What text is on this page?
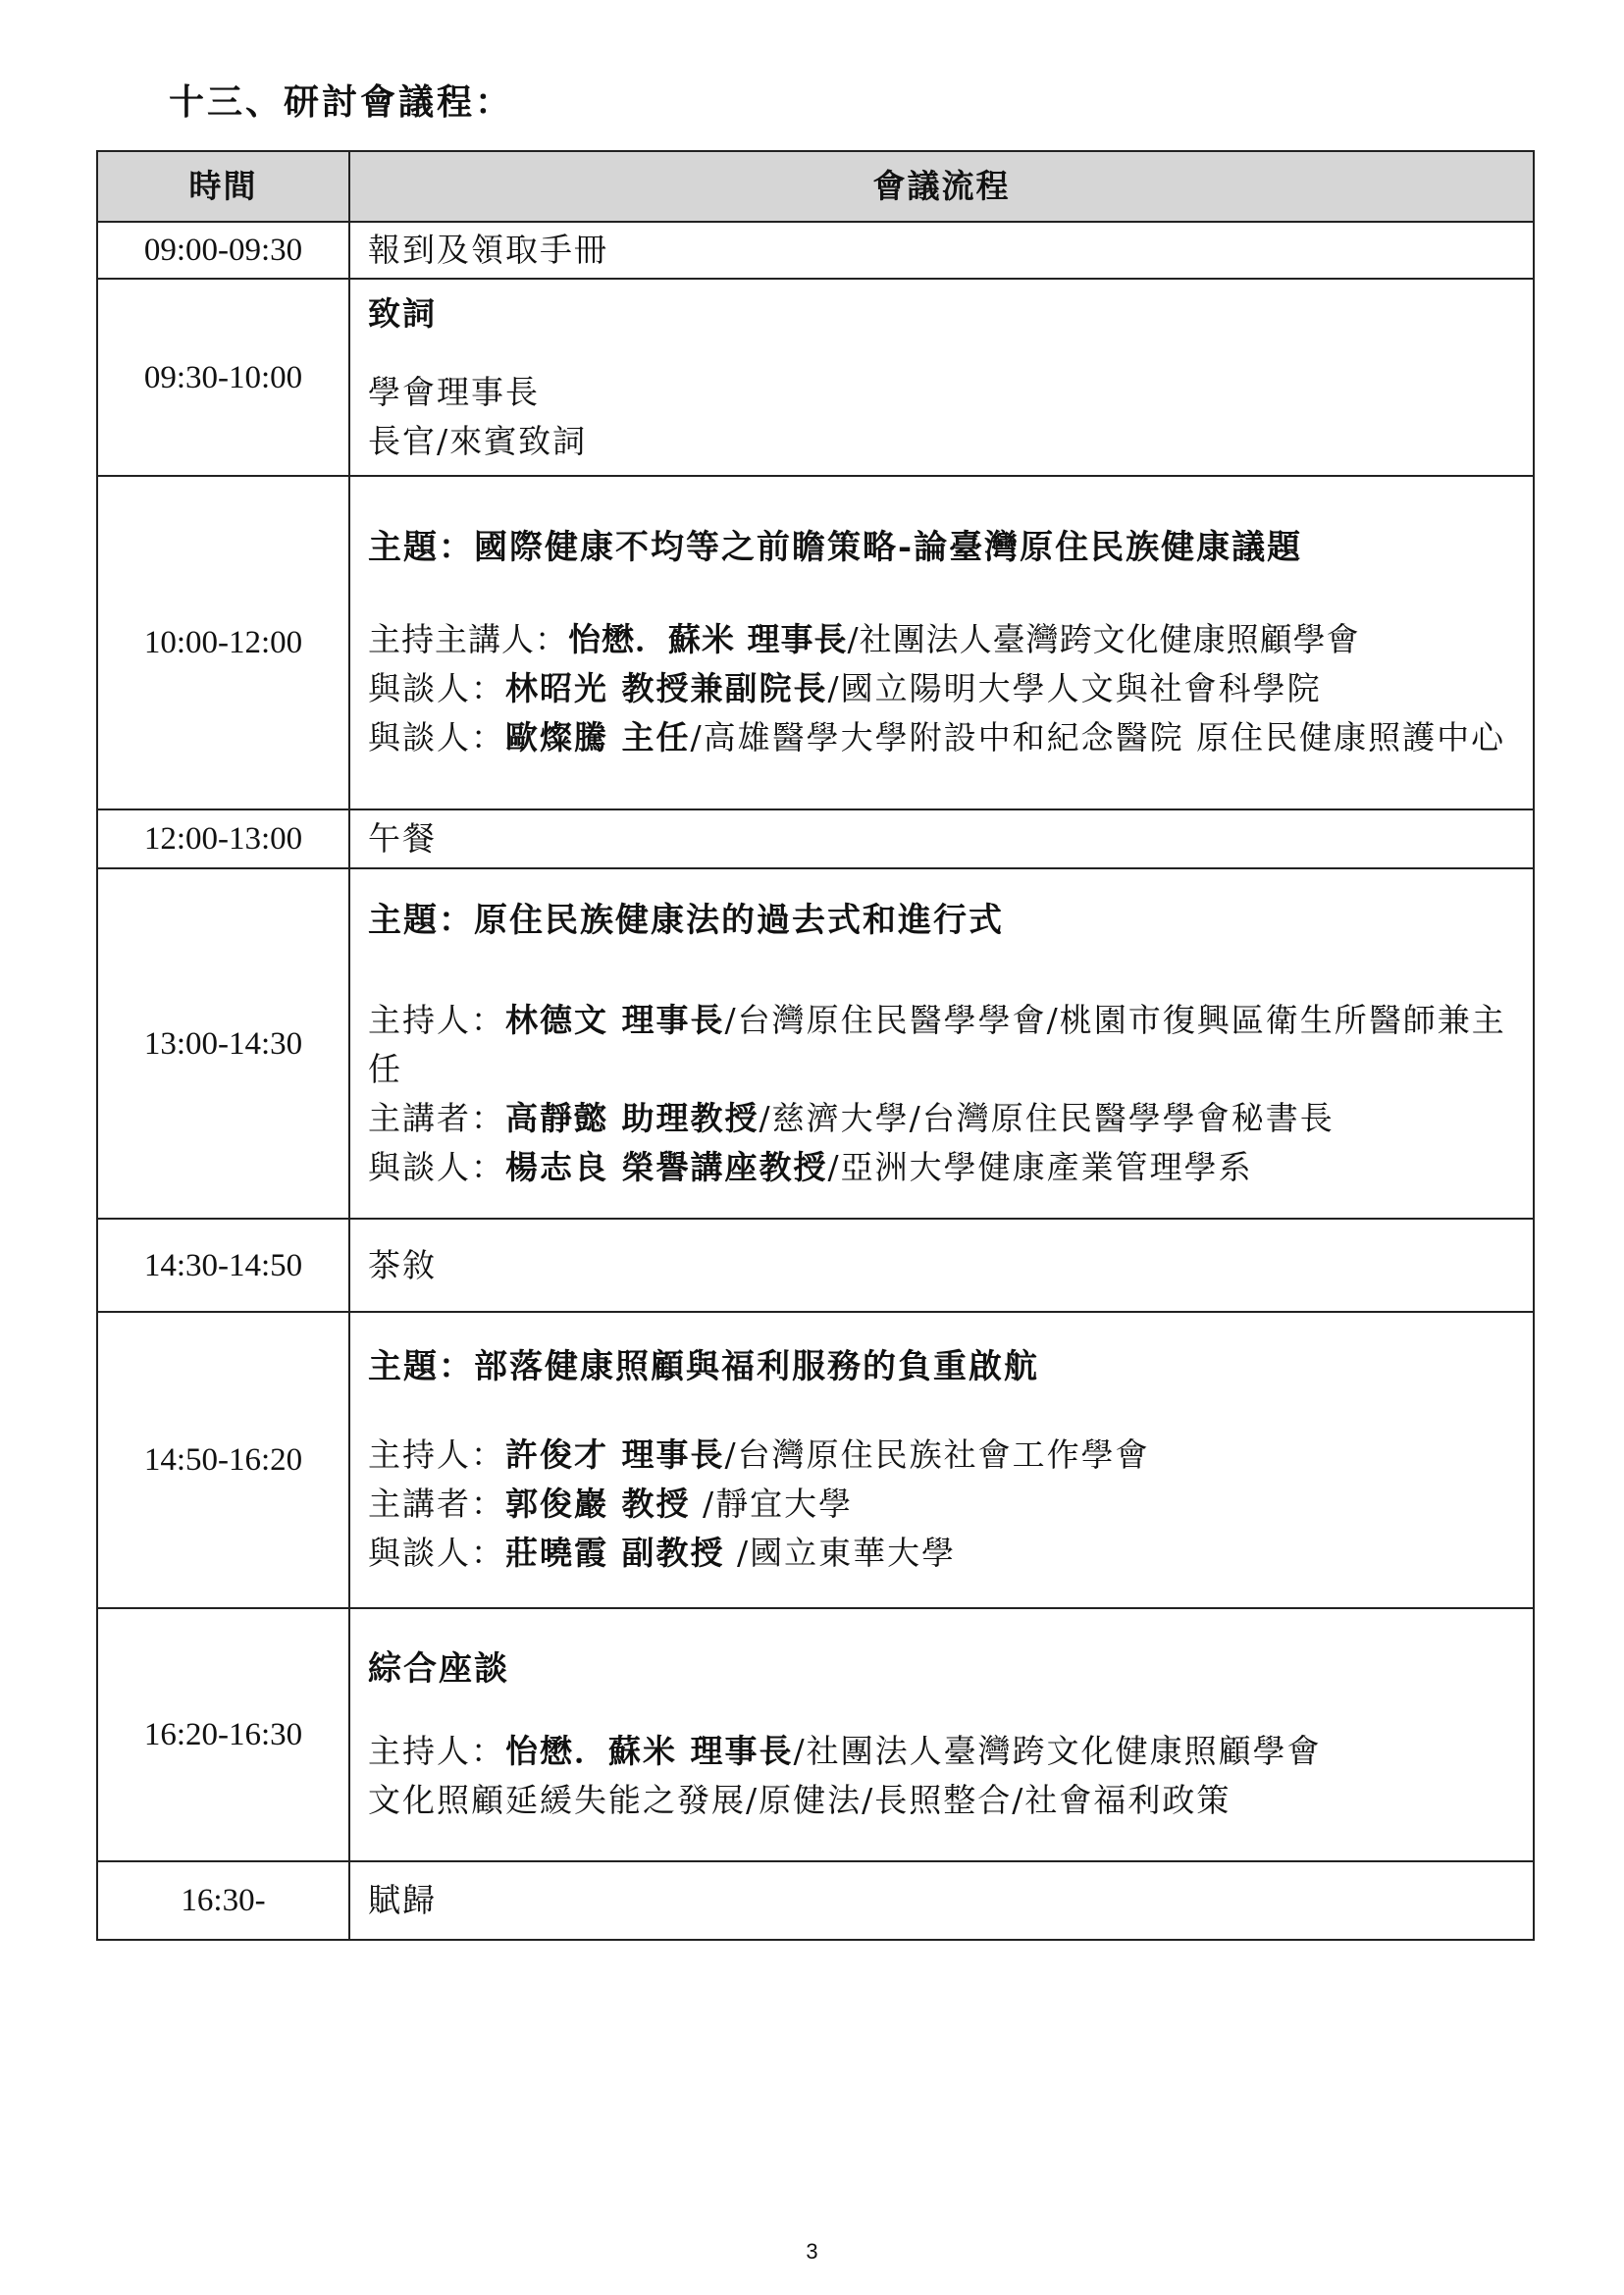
十三、研討會議程：
時間	會議流程
09:00-09:30	報到及領取手冊
09:30-10:00	致詞
學會理事長
長官/來賓致詞

10:00-12:00	主題：國際健康不均等之前瞻策略-論臺灣原住民族健康議題
主持主講人：怡懋．蘇米 理事長/社團法人臺灣跨文化健康照顧學會
與談人：林昭光 教授兼副院長/國立陽明大學人文與社會科學院
與談人：歐燦騰 主任/高雄醫學大學附設中和紀念醫院 原住民健康照護中心

12:00-13:00	午餐
13:00-14:30	主題：原住民族健康法的過去式和進行式
主持人：林德文 理事長/台灣原住民醫學學會/桃園市復興區衛生所醫師兼主任
主講者：高靜懿 助理教授/慈濟大學/台灣原住民醫學學會秘書長
與談人：楊志良 榮譽講座教授/亞洲大學健康產業管理學系

14:30-14:50	茶敘
14:50-16:20	主題：部落健康照顧與福利服務的負重啟航
主持人：許俊才 理事長/台灣原住民族社會工作學會
主講者：郭俊巖 教授 /靜宜大學
與談人：莊曉霞 副教授 /國立東華大學

16:20-16:30	綜合座談
主持人：怡懋．蘇米 理事長/社團法人臺灣跨文化健康照顧學會
文化照顧延緩失能之發展/原健法/長照整合/社會福利政策

16:30-	賦歸
3
